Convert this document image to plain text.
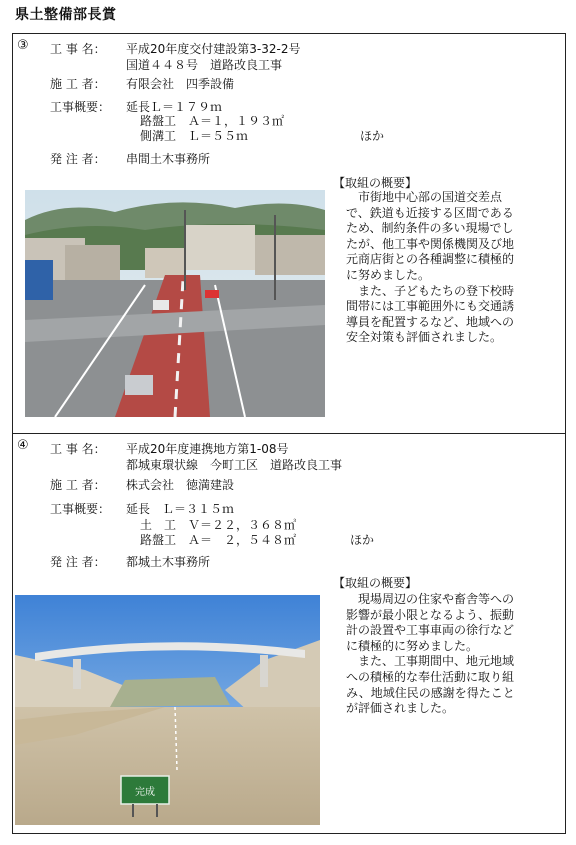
県土整備部長賞
③ 工 事 名： 平成20年度交付建設第3-32-2号
国道４４８号　道路改良工事
施 工 者： 有限会社　四季設備
工事概要： 延長Ｌ＝１７９ｍ
路盤工　Ａ＝１，１９３㎡
側溝工　Ｌ＝５５ｍ	ほか
発 注 者： 串間土木事務所
【取組の概要】
　市街地中心部の国道交差点
で、鉄道も近接する区間である
ため、制約条件の多い現場でし
たが、他工事や関係機関及び地
元商店街との各種調整に積極的
に努めました。
　また、子どもたちの登下校時
間帯には工事範囲外にも交通誘
導員を配置するなど、地域への
安全対策も評価されました。
④ 工 事 名： 平成20年度連携地方第1-08号
都城東環状線　今町工区　道路改良工事
施 工 者： 株式会社　徳満建設
工事概要： 延長　Ｌ＝３１５ｍ
土　工　Ｖ＝２２，３６８㎥
路盤工　Ａ＝　２，５４８㎡	ほか
発 注 者： 都城土木事務所
完成
【取組の概要】
　現場周辺の住家や畜舎等への
影響が最小限となるよう、振動
計の設置や工事車両の徐行など
に積極的に努めました。
　また、工事期間中、地元地域
への積極的な奉仕活動に取り組
み、地域住民の感謝を得たこと
が評価されました。
